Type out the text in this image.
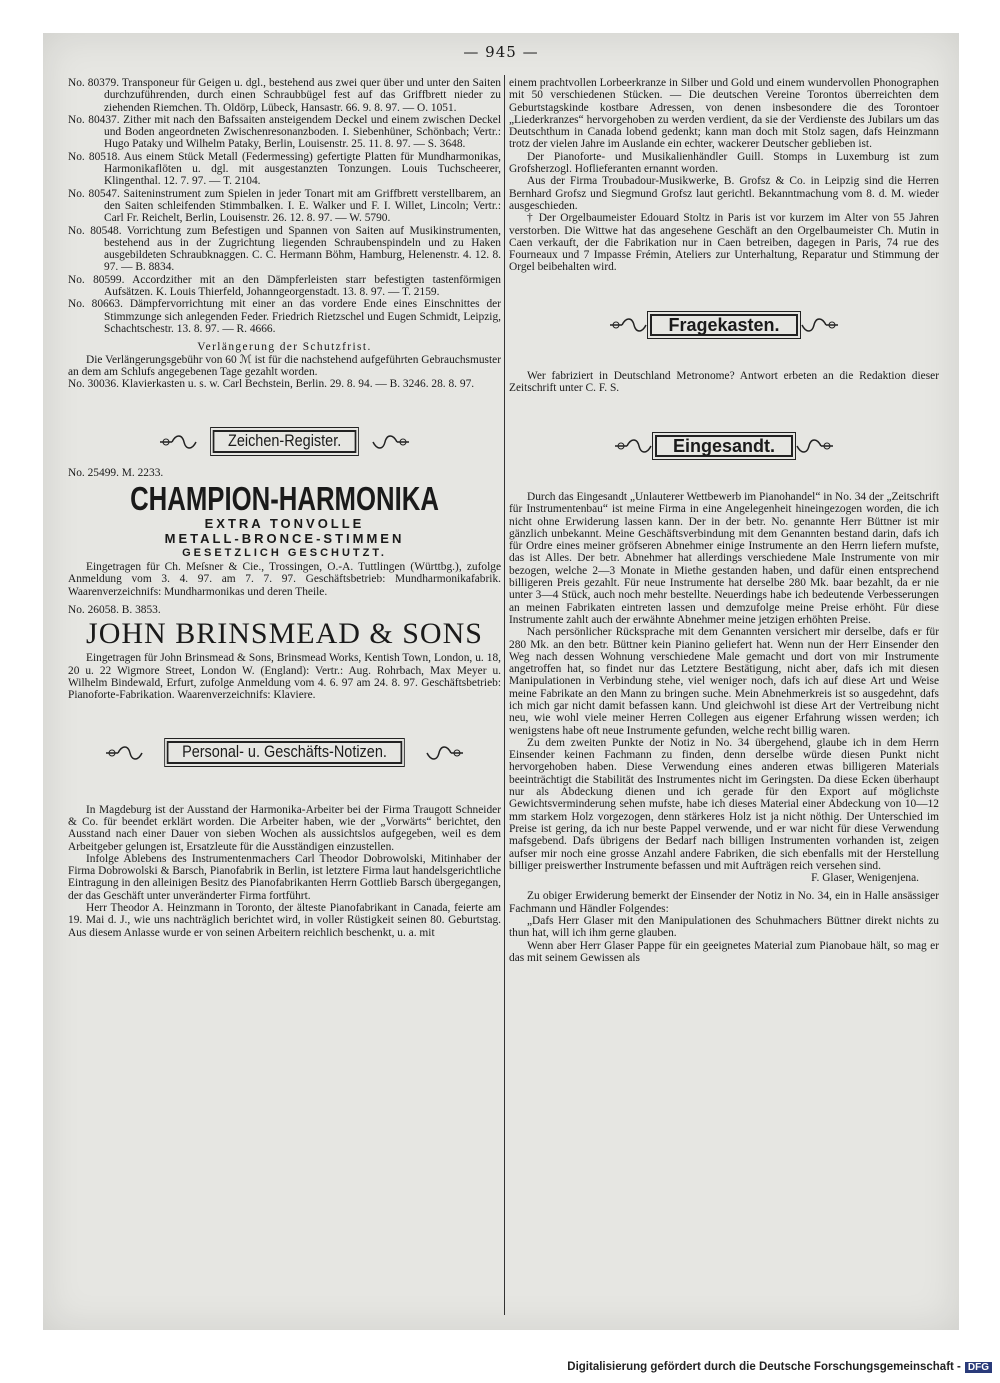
— 945 —

No. 80379. Transponeur für Geigen u. dgl., bestehend aus zwei quer über und unter den Saiten durchzuführenden, durch einen Schraubbügel fest auf das Griffbrett nieder zu ziehenden Riemchen. Th. Oldörp, Lübeck, Hansastr. 66. 9. 8. 97. — O. 1051.

No. 80437. Zither mit nach den Bafssaiten ansteigendem Deckel und einem zwischen Deckel und Boden angeordneten Zwischenresonanzboden. I. Siebenhüner, Schönbach; Vertr.: Hugo Pataky und Wilhelm Pataky, Berlin, Louisenstr. 25. 11. 8. 97. — S. 3648.

No. 80518. Aus einem Stück Metall (Federmessing) gefertigte Platten für Mundharmonikas, Harmonikaflöten u. dgl. mit ausgestanzten Tonzungen. Louis Tuchscheerer, Klingenthal. 12. 7. 97. — T. 2104.

No. 80547. Saiteninstrument zum Spielen in jeder Tonart mit am Griffbrett verstellbarem, an den Saiten schleifenden Stimmbalken. I. E. Walker und F. I. Willet, Lincoln; Vertr.: Carl Fr. Reichelt, Berlin, Louisenstr. 26. 12. 8. 97. — W. 5790.

No. 80548. Vorrichtung zum Befestigen und Spannen von Saiten auf Musikinstrumenten, bestehend aus in der Zugrichtung liegenden Schraubenspindeln und zu Haken ausgebildeten Schraubknaggen. C. C. Hermann Böhm, Hamburg, Helenenstr. 4. 12. 8. 97. — B. 8834.

No. 80599. Accordzither mit an den Dämpferleisten starr befestigten tastenförmigen Aufsätzen. K. Louis Thierfeld, Johanngeorgenstadt. 13. 8. 97. — T. 2159.

No. 80663. Dämpfervorrichtung mit einer an das vordere Ende eines Einschnittes der Stimmzunge sich anlegenden Feder. Friedrich Rietzschel und Eugen Schmidt, Leipzig, Schachtschestr. 13. 8. 97. — R. 4666.

Verlängerung der Schutzfrist.

Die Verlängerungsgebühr von 60 ℳ ist für die nachstehend aufgeführten Gebrauchsmuster an dem am Schlufs angegebenen Tage gezahlt worden.

No. 30036. Klavierkasten u. s. w. Carl Bechstein, Berlin. 29. 8. 94. — B. 3246. 28. 8. 97.

Zeichen-Register.

No. 25499. M. 2233.

CHAMPION-HARMONIKA
EXTRA TONVOLLE
METALL-BRONCE-STIMMEN
GESETZLICH GESCHUTZT.

Eingetragen für Ch. Meſsner & Cie., Trossingen, O.-A. Tuttlingen (Württbg.), zufolge Anmeldung vom 3. 4. 97. am 7. 7. 97. Geschäftsbetrieb: Mundharmonikafabrik. Waarenverzeichnifs: Mundharmonikas und deren Theile.

No. 26058. B. 3853.

JOHN BRINSMEAD & SONS

Eingetragen für John Brinsmead & Sons, Brinsmead Works, Kentish Town, London, u. 18, 20 u. 22 Wigmore Street, London W. (England): Vertr.: Aug. Rohrbach, Max Meyer u. Wilhelm Bindewald, Erfurt, zufolge Anmeldung vom 4. 6. 97 am 24. 8. 97. Geschäftsbetrieb: Pianoforte-Fabrikation. Waarenverzeichnifs: Klaviere.

Personal- u. Geschäfts-Notizen.

In Magdeburg ist der Ausstand der Harmonika-Arbeiter bei der Firma Traugott Schneider & Co. für beendet erklärt worden. Die Arbeiter haben, wie der „Vorwärts“ berichtet, den Ausstand nach einer Dauer von sieben Wochen als aussichtslos aufgegeben, weil es dem Arbeitgeber gelungen ist, Ersatzleute für die Ausständigen einzustellen.

Infolge Ablebens des Instrumentenmachers Carl Theodor Dobrowolski, Mitinhaber der Firma Dobrowolski & Barsch, Pianofabrik in Berlin, ist letztere Firma laut handelsgerichtliche Eintragung in den alleinigen Besitz des Pianofabrikanten Herrn Gottlieb Barsch übergegangen, der das Geschäft unter unveränderter Firma fortführt.

Herr Theodor A. Heinzmann in Toronto, der älteste Pianofabrikant in Canada, feierte am 19. Mai d. J., wie uns nachträglich berichtet wird, in voller Rüstigkeit seinen 80. Geburtstag. Aus diesem Anlasse wurde er von seinen Arbeitern reichlich beschenkt, u. a. mit

einem prachtvollen Lorbeerkranze in Silber und Gold und einem wundervollen Phonographen mit 50 verschiedenen Stücken. — Die deutschen Vereine Torontos überreichten dem Geburtstagskinde kostbare Adressen, von denen insbesondere die des Torontoer „Liederkranzes“ hervorgehoben zu werden verdient, da sie der Verdienste des Jubilars um das Deutschthum in Canada lobend gedenkt; kann man doch mit Stolz sagen, dafs Heinzmann trotz der vielen Jahre im Auslande ein echter, wackerer Deutscher geblieben ist.

Der Pianoforte- und Musikalienhändler Guill. Stomps in Luxemburg ist zum Grofsherzogl. Hoflieferanten ernannt worden.

Aus der Firma Troubadour-Musikwerke, B. Grofsz & Co. in Leipzig sind die Herren Bernhard Grofsz und Siegmund Grofsz laut gerichtl. Bekanntmachung vom 8. d. M. wieder ausgeschieden.

† Der Orgelbaumeister Edouard Stoltz in Paris ist vor kurzem im Alter von 55 Jahren verstorben. Die Wittwe hat das angesehene Geschäft an den Orgelbaumeister Ch. Mutin in Caen verkauft, der die Fabrikation nur in Caen betreiben, dagegen in Paris, 74 rue des Fourneaux und 7 Impasse Frémin, Ateliers zur Unterhaltung, Reparatur und Stimmung der Orgel beibehalten wird.

Fragekasten.

Wer fabriziert in Deutschland Metronome? Antwort erbeten an die Redaktion dieser Zeitschrift unter C. F. S.

Eingesandt.

Durch das Eingesandt „Unlauterer Wettbewerb im Pianohandel“ in No. 34 der „Zeitschrift für Instrumentenbau“ ist meine Firma in eine Angelegenheit hineingezogen worden, die ich nicht ohne Erwiderung lassen kann. Der in der betr. No. genannte Herr Büttner ist mir gänzlich unbekannt. Meine Geschäftsverbindung mit dem Genannten bestand darin, dafs ich für Ordre eines meiner gröfseren Abnehmer einige Instrumente an den Herrn liefern mufste, das ist Alles. Der betr. Abnehmer hat allerdings verschiedene Male Instrumente von mir bezogen, welche 2—3 Monate in Miethe gestanden haben, und dafür einen entsprechend billigeren Preis gezahlt. Für neue Instrumente hat derselbe 280 Mk. baar bezahlt, da er nie unter 3—4 Stück, auch noch mehr bestellte. Neuerdings habe ich bedeutende Verbesserungen an meinen Fabrikaten eintreten lassen und demzufolge meine Preise erhöht. Für diese Instrumente zahlt auch der erwähnte Abnehmer meine jetzigen erhöhten Preise.

Nach persönlicher Rücksprache mit dem Genannten versichert mir derselbe, dafs er für 280 Mk. an den betr. Büttner kein Pianino geliefert hat. Wenn nun der Herr Einsender den Weg nach dessen Wohnung verschiedene Male gemacht und dort von mir Instrumente angetroffen hat, so findet nur das Letztere Bestätigung, nicht aber, dafs ich mit diesen Manipulationen in Verbindung stehe, viel weniger noch, dafs ich auf diese Art und Weise meine Fabrikate an den Mann zu bringen suche. Mein Abnehmerkreis ist so ausgedehnt, dafs ich mich gar nicht damit befassen kann. Und gleichwohl ist diese Art der Vertreibung nicht neu, wie wohl viele meiner Herren Collegen aus eigener Erfahrung wissen werden; ich wenigstens habe oft neue Instrumente gefunden, welche recht billig waren.

Zu dem zweiten Punkte der Notiz in No. 34 übergehend, glaube ich in dem Herrn Einsender keinen Fachmann zu finden, denn derselbe würde diesen Punkt nicht hervorgehoben haben. Diese Verwendung eines anderen etwas billigeren Materials beeinträchtigt die Stabilität des Instrumentes nicht im Geringsten. Da diese Ecken überhaupt nur als Abdeckung dienen und ich gerade für den Export auf möglichste Gewichtsverminderung sehen mufste, habe ich dieses Material einer Abdeckung von 10—12 mm starkem Holz vorgezogen, denn stärkeres Holz ist ja nicht nöthig. Der Unterschied im Preise ist gering, da ich nur beste Pappel verwende, und er war nicht für diese Verwendung mafsgebend. Dafs übrigens der Bedarf nach billigen Instrumenten vorhanden ist, zeigen aufser mir noch eine grosse Anzahl andere Fabriken, die sich ebenfalls mit der Herstellung billiger preiswerther Instrumente befassen und mit Aufträgen reich versehen sind.

F. Glaser, Wenigenjena.

Zu obiger Erwiderung bemerkt der Einsender der Notiz in No. 34, ein in Halle ansässiger Fachmann und Händler Folgendes:

„Dafs Herr Glaser mit den Manipulationen des Schuhmachers Büttner direkt nichts zu thun hat, will ich ihm gerne glauben.

Wenn aber Herr Glaser Pappe für ein geeignetes Material zum Pianobaue hält, so mag er das mit seinem Gewissen als

Digitalisierung gefördert durch die Deutsche Forschungsgemeinschaft - DFG
